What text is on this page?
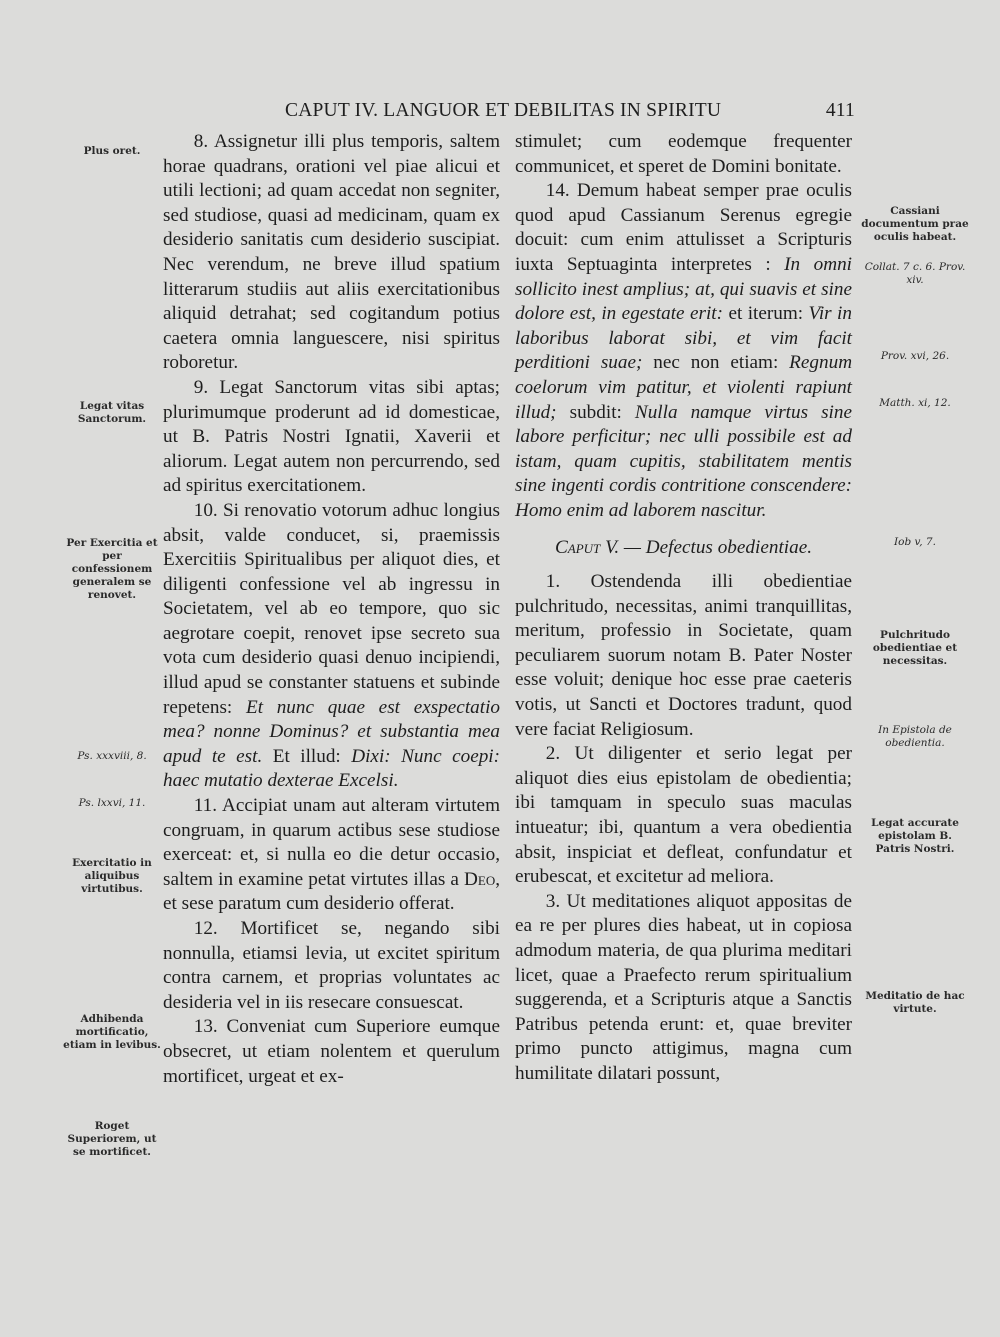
CAPUT IV. LANGUOR ET DEBILITAS IN SPIRITU	411
Plus oret.
Legat vitas Sanctorum.
Per Exercitia et per confessionem generalem se renovet.
Ps. xxxviii, 8.
Ps. lxxvi, 11.
Exercitatio in aliquibus virtutibus.
Adhibenda mortificatio, etiam in levibus.
Roget Superiorem, ut se mortificet.
Cassiani documentum prae oculis habeat.
Collat. 7 c. 6. Prov. xiv.
Prov. xvi, 26.
Matth. xi, 12.
Iob v, 7.
Pulchritudo obedientiae et necessitas.
In Epistola de obedientia.
Legat accurate epistolam B. Patris Nostri.
Meditatio de hac virtute.

8. Assignetur illi plus temporis, saltem horae quadrans, orationi vel piae alicui et utili lectioni; ad quam accedat non segniter, sed studiose, quasi ad medicinam, quam ex desiderio sanitatis cum desiderio suscipiat. Nec verendum, ne breve illud spatium litterarum studiis aut aliis exercitationibus aliquid detrahat; sed cogitandum potius caetera omnia languescere, nisi spiritus roboretur.

9. Legat Sanctorum vitas sibi aptas; plurimumque proderunt ad id domesticae, ut B. Patris Nostri Ignatii, Xaverii et aliorum. Legat autem non percurrendo, sed ad spiritus exercitationem.

10. Si renovatio votorum adhuc longius absit, valde conducet, si, praemissis Exercitiis Spiritualibus per aliquot dies, et diligenti confessione vel ab ingressu in Societatem, vel ab eo tempore, quo sic aegrotare coepit, renovet ipse secreto sua vota cum desiderio quasi denuo incipiendi, illud apud se constanter statuens et subinde repetens: Et nunc quae est exspectatio mea? nonne Dominus? et substantia mea apud te est. Et illud: Dixi: Nunc coepi: haec mutatio dexterae Excelsi.

11. Accipiat unam aut alteram virtutem congruam, in quarum actibus sese studiose exerceat: et, si nulla eo die detur occasio, saltem in examine petat virtutes illas a Deo, et sese paratum cum desiderio offerat.

12. Mortificet se, negando sibi nonnulla, etiamsi levia, ut excitet spiritum contra carnem, et proprias voluntates ac desideria vel in iis resecare consuescat.

13. Conveniat cum Superiore eumque obsecret, ut etiam nolentem et querulum mortificet, urgeat et ex-

stimulet; cum eodemque frequenter communicet, et speret de Domini bonitate.

14. Demum habeat semper prae oculis quod apud Cassianum Serenus egregie docuit: cum enim attulisset a Scripturis iuxta Septuaginta interpretes : In omni sollicito inest amplius; at, qui suavis et sine dolore est, in egestate erit: et iterum: Vir in laboribus laborat sibi, et vim facit perditioni suae; nec non etiam: Regnum coelorum vim patitur, et violenti rapiunt illud; subdit: Nulla namque virtus sine labore perficitur; nec ulli possibile est ad istam, quam cupitis, stabilitatem mentis sine ingenti cordis contritione conscendere: Homo enim ad laborem nascitur.

Caput V. — Defectus obedientiae.

1. Ostendenda illi obedientiae pulchritudo, necessitas, animi tranquillitas, meritum, professio in Societate, quam peculiarem suorum notam B. Pater Noster esse voluit; denique hoc esse prae caeteris votis, ut Sancti et Doctores tradunt, quod vere faciat Religiosum.

2. Ut diligenter et serio legat per aliquot dies eius epistolam de obedientia; ibi tamquam in speculo suas maculas intueatur; ibi, quantum a vera obedientia absit, inspiciat et defleat, confundatur et erubescat, et excitetur ad meliora.

3. Ut meditationes aliquot appositas de ea re per plures dies habeat, ut in copiosa admodum materia, de qua plurima meditari licet, quae a Praefecto rerum spiritualium suggerenda, et a Scripturis atque a Sanctis Patribus petenda erunt: et, quae breviter primo puncto attigimus, magna cum humilitate dilatari possunt,
